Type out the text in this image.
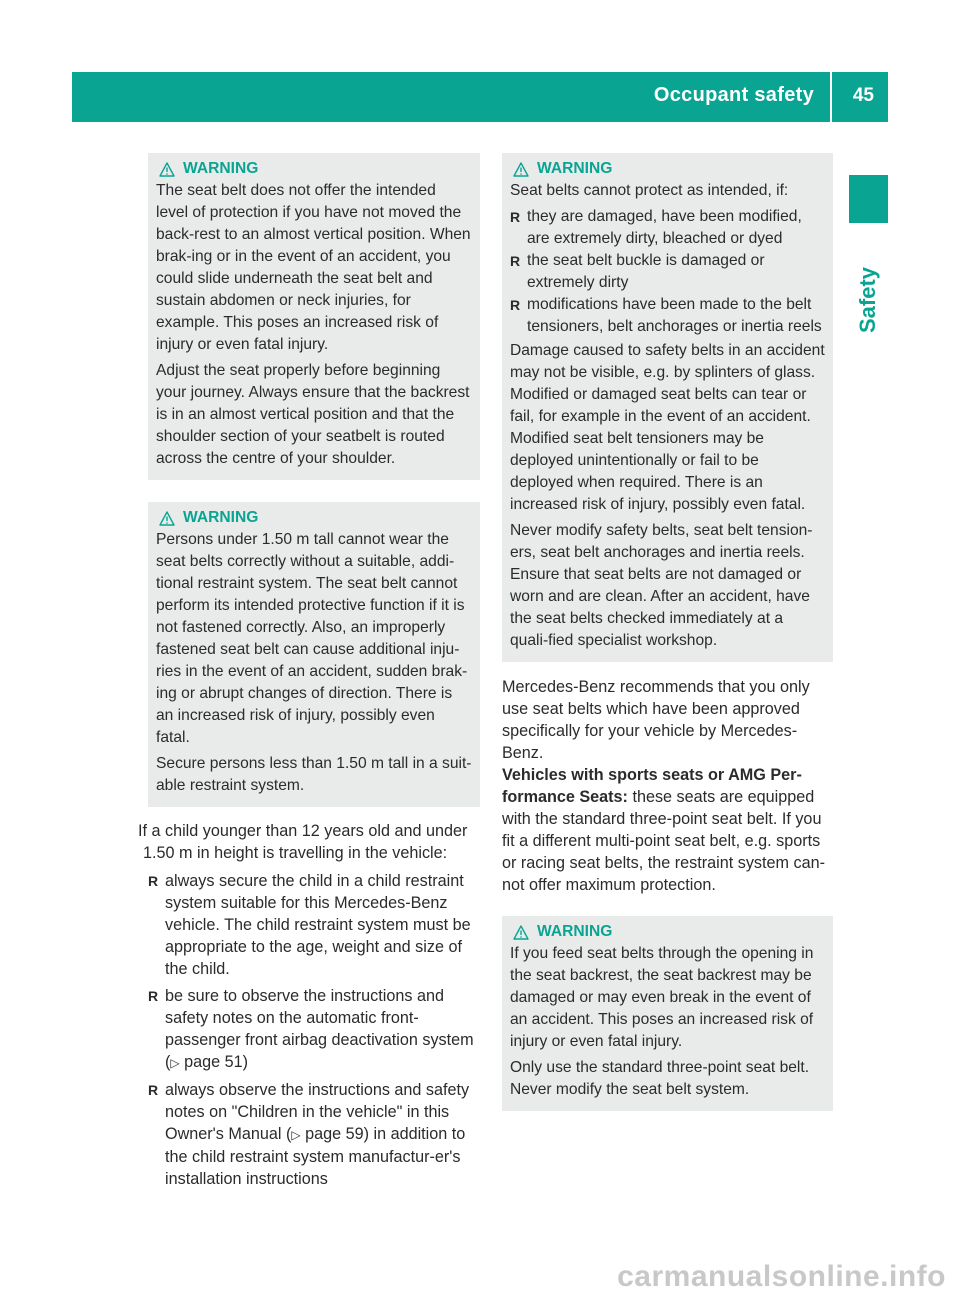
Occupant safety 45
Safety
WARNING

The seat belt does not offer the intended level of protection if you have not moved the back-rest to an almost vertical position. When brak-ing or in the event of an accident, you could slide underneath the seat belt and sustain abdomen or neck injuries, for example. This poses an increased risk of injury or even fatal injury.

Adjust the seat properly before beginning your journey. Always ensure that the backrest is in an almost vertical position and that the shoulder section of your seatbelt is routed across the centre of your shoulder.

WARNING

Persons under 1.50 m tall cannot wear the seat belts correctly without a suitable, addi-tional restraint system. The seat belt cannot perform its intended protective function if it is not fastened correctly. Also, an improperly fastened seat belt can cause additional inju-ries in the event of an accident, sudden brak-ing or abrupt changes of direction. There is an increased risk of injury, possibly even fatal.

Secure persons less than 1.50 m tall in a suit-able restraint system.

If a child younger than 12 years old and under 1.50 m in height is travelling in the vehicle:

R always secure the child in a child restraint system suitable for this Mercedes-Benz vehicle. The child restraint system must be appropriate to the age, weight and size of the child.
R be sure to observe the instructions and safety notes on the automatic front-passenger front airbag deactivation system (▷ page 51)
R always observe the instructions and safety notes on "Children in the vehicle" in this Owner's Manual (▷ page 59) in addition to the child restraint system manufactur-er's installation instructions
WARNING

Seat belts cannot protect as intended, if:

R they are damaged, have been modified, are extremely dirty, bleached or dyed
R the seat belt buckle is damaged or extremely dirty
R modifications have been made to the belt tensioners, belt anchorages or inertia reels

Damage caused to safety belts in an accident may not be visible, e.g. by splinters of glass. Modified or damaged seat belts can tear or fail, for example in the event of an accident. Modified seat belt tensioners may be deployed unintentionally or fail to be deployed when required. There is an increased risk of injury, possibly even fatal.

Never modify safety belts, seat belt tension-ers, seat belt anchorages and inertia reels. Ensure that seat belts are not damaged or worn and are clean. After an accident, have the seat belts checked immediately at a quali-fied specialist workshop.

Mercedes-Benz recommends that you only use seat belts which have been approved specifically for your vehicle by Mercedes-Benz.

Vehicles with sports seats or AMG Per-formance Seats: these seats are equipped with the standard three-point seat belt. If you fit a different multi-point seat belt, e.g. sports or racing seat belts, the restraint system can-not offer maximum protection.

WARNING

If you feed seat belts through the opening in the seat backrest, the seat backrest may be damaged or may even break in the event of an accident. This poses an increased risk of injury or even fatal injury.

Only use the standard three-point seat belt. Never modify the seat belt system.

carmanualsonline.info
